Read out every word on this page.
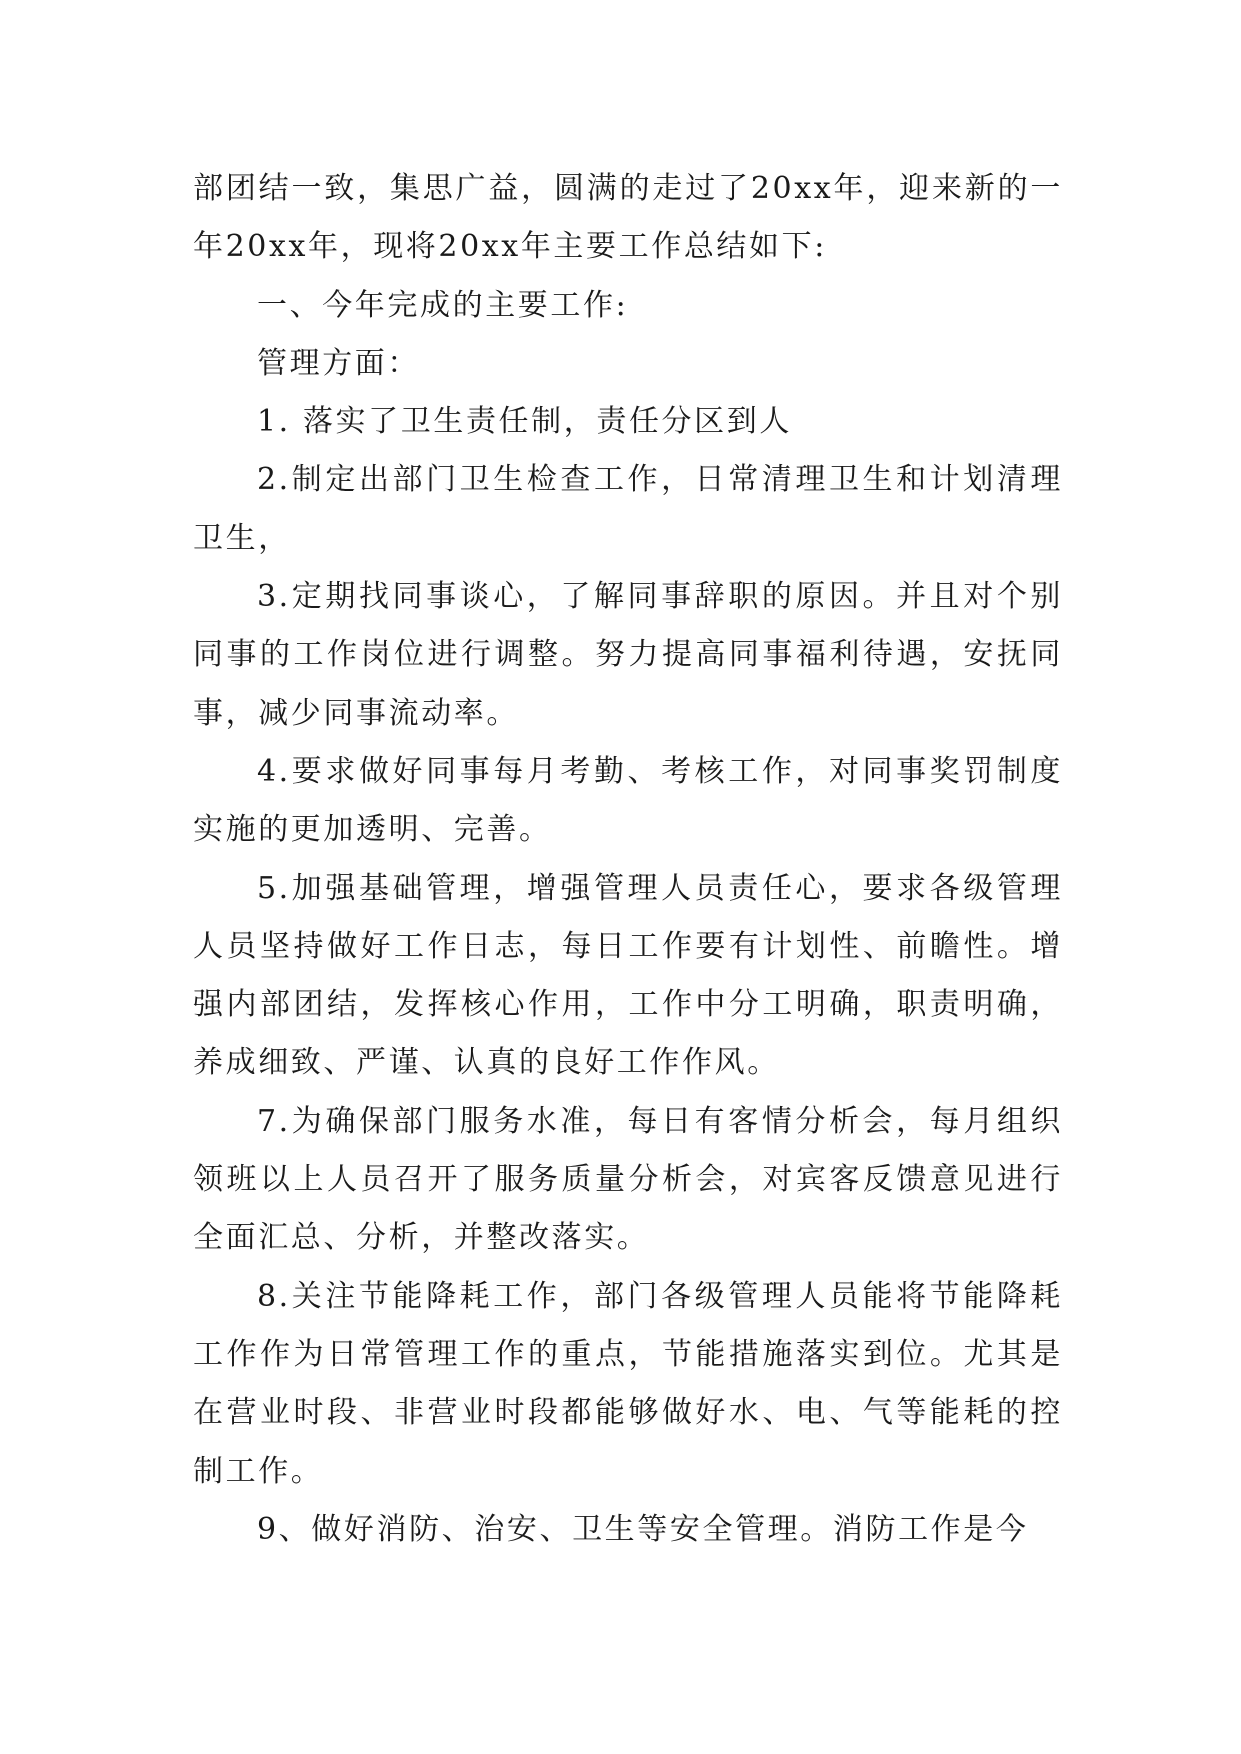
部团结一致，集思广益，圆满的走过了20xx年，迎来新的一年20xx年，现将20xx年主要工作总结如下:

一、今年完成的主要工作:

管理方面：

1. 落实了卫生责任制，责任分区到人

2.制定出部门卫生检查工作，日常清理卫生和计划清理卫生，

3.定期找同事谈心，了解同事辞职的原因。并且对个别同事的工作岗位进行调整。努力提高同事福利待遇，安抚同事，减少同事流动率。

4.要求做好同事每月考勤、考核工作，对同事奖罚制度实施的更加透明、完善。

5.加强基础管理，增强管理人员责任心，要求各级管理人员坚持做好工作日志，每日工作要有计划性、前瞻性。增强内部团结，发挥核心作用，工作中分工明确，职责明确，养成细致、严谨、认真的良好工作作风。

7.为确保部门服务水准，每日有客情分析会，每月组织领班以上人员召开了服务质量分析会，对宾客反馈意见进行全面汇总、分析，并整改落实。

8.关注节能降耗工作，部门各级管理人员能将节能降耗工作作为日常管理工作的重点，节能措施落实到位。尤其是在营业时段、非营业时段都能够做好水、电、气等能耗的控制工作。

9、做好消防、治安、卫生等安全管理。消防工作是今
